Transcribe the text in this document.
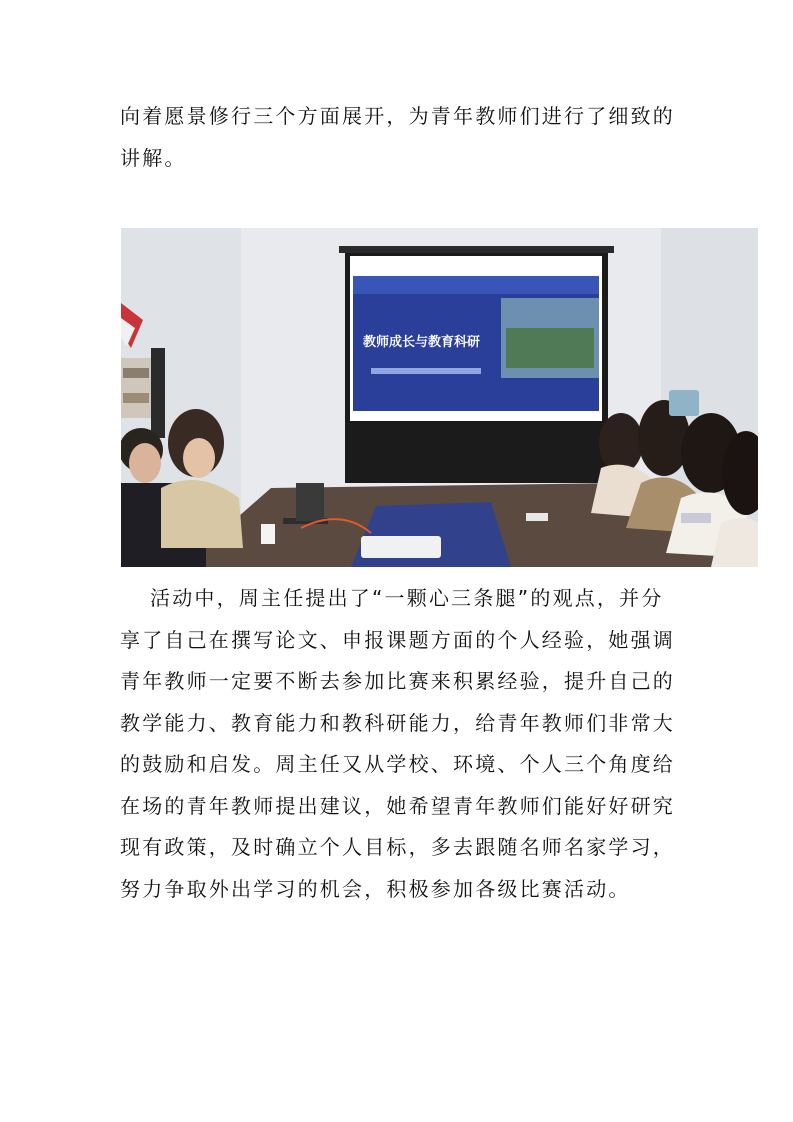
向着愿景修行三个方面展开，为青年教师们进行了细致的讲解。

教师成长与教育科研

活动中，周主任提出了“一颗心三条腿”的观点，并分享了自己在撰写论文、申报课题方面的个人经验，她强调青年教师一定要不断去参加比赛来积累经验，提升自己的教学能力、教育能力和教科研能力，给青年教师们非常大的鼓励和启发。周主任又从学校、环境、个人三个角度给在场的青年教师提出建议，她希望青年教师们能好好研究现有政策，及时确立个人目标，多去跟随名师名家学习，努力争取外出学习的机会，积极参加各级比赛活动。
